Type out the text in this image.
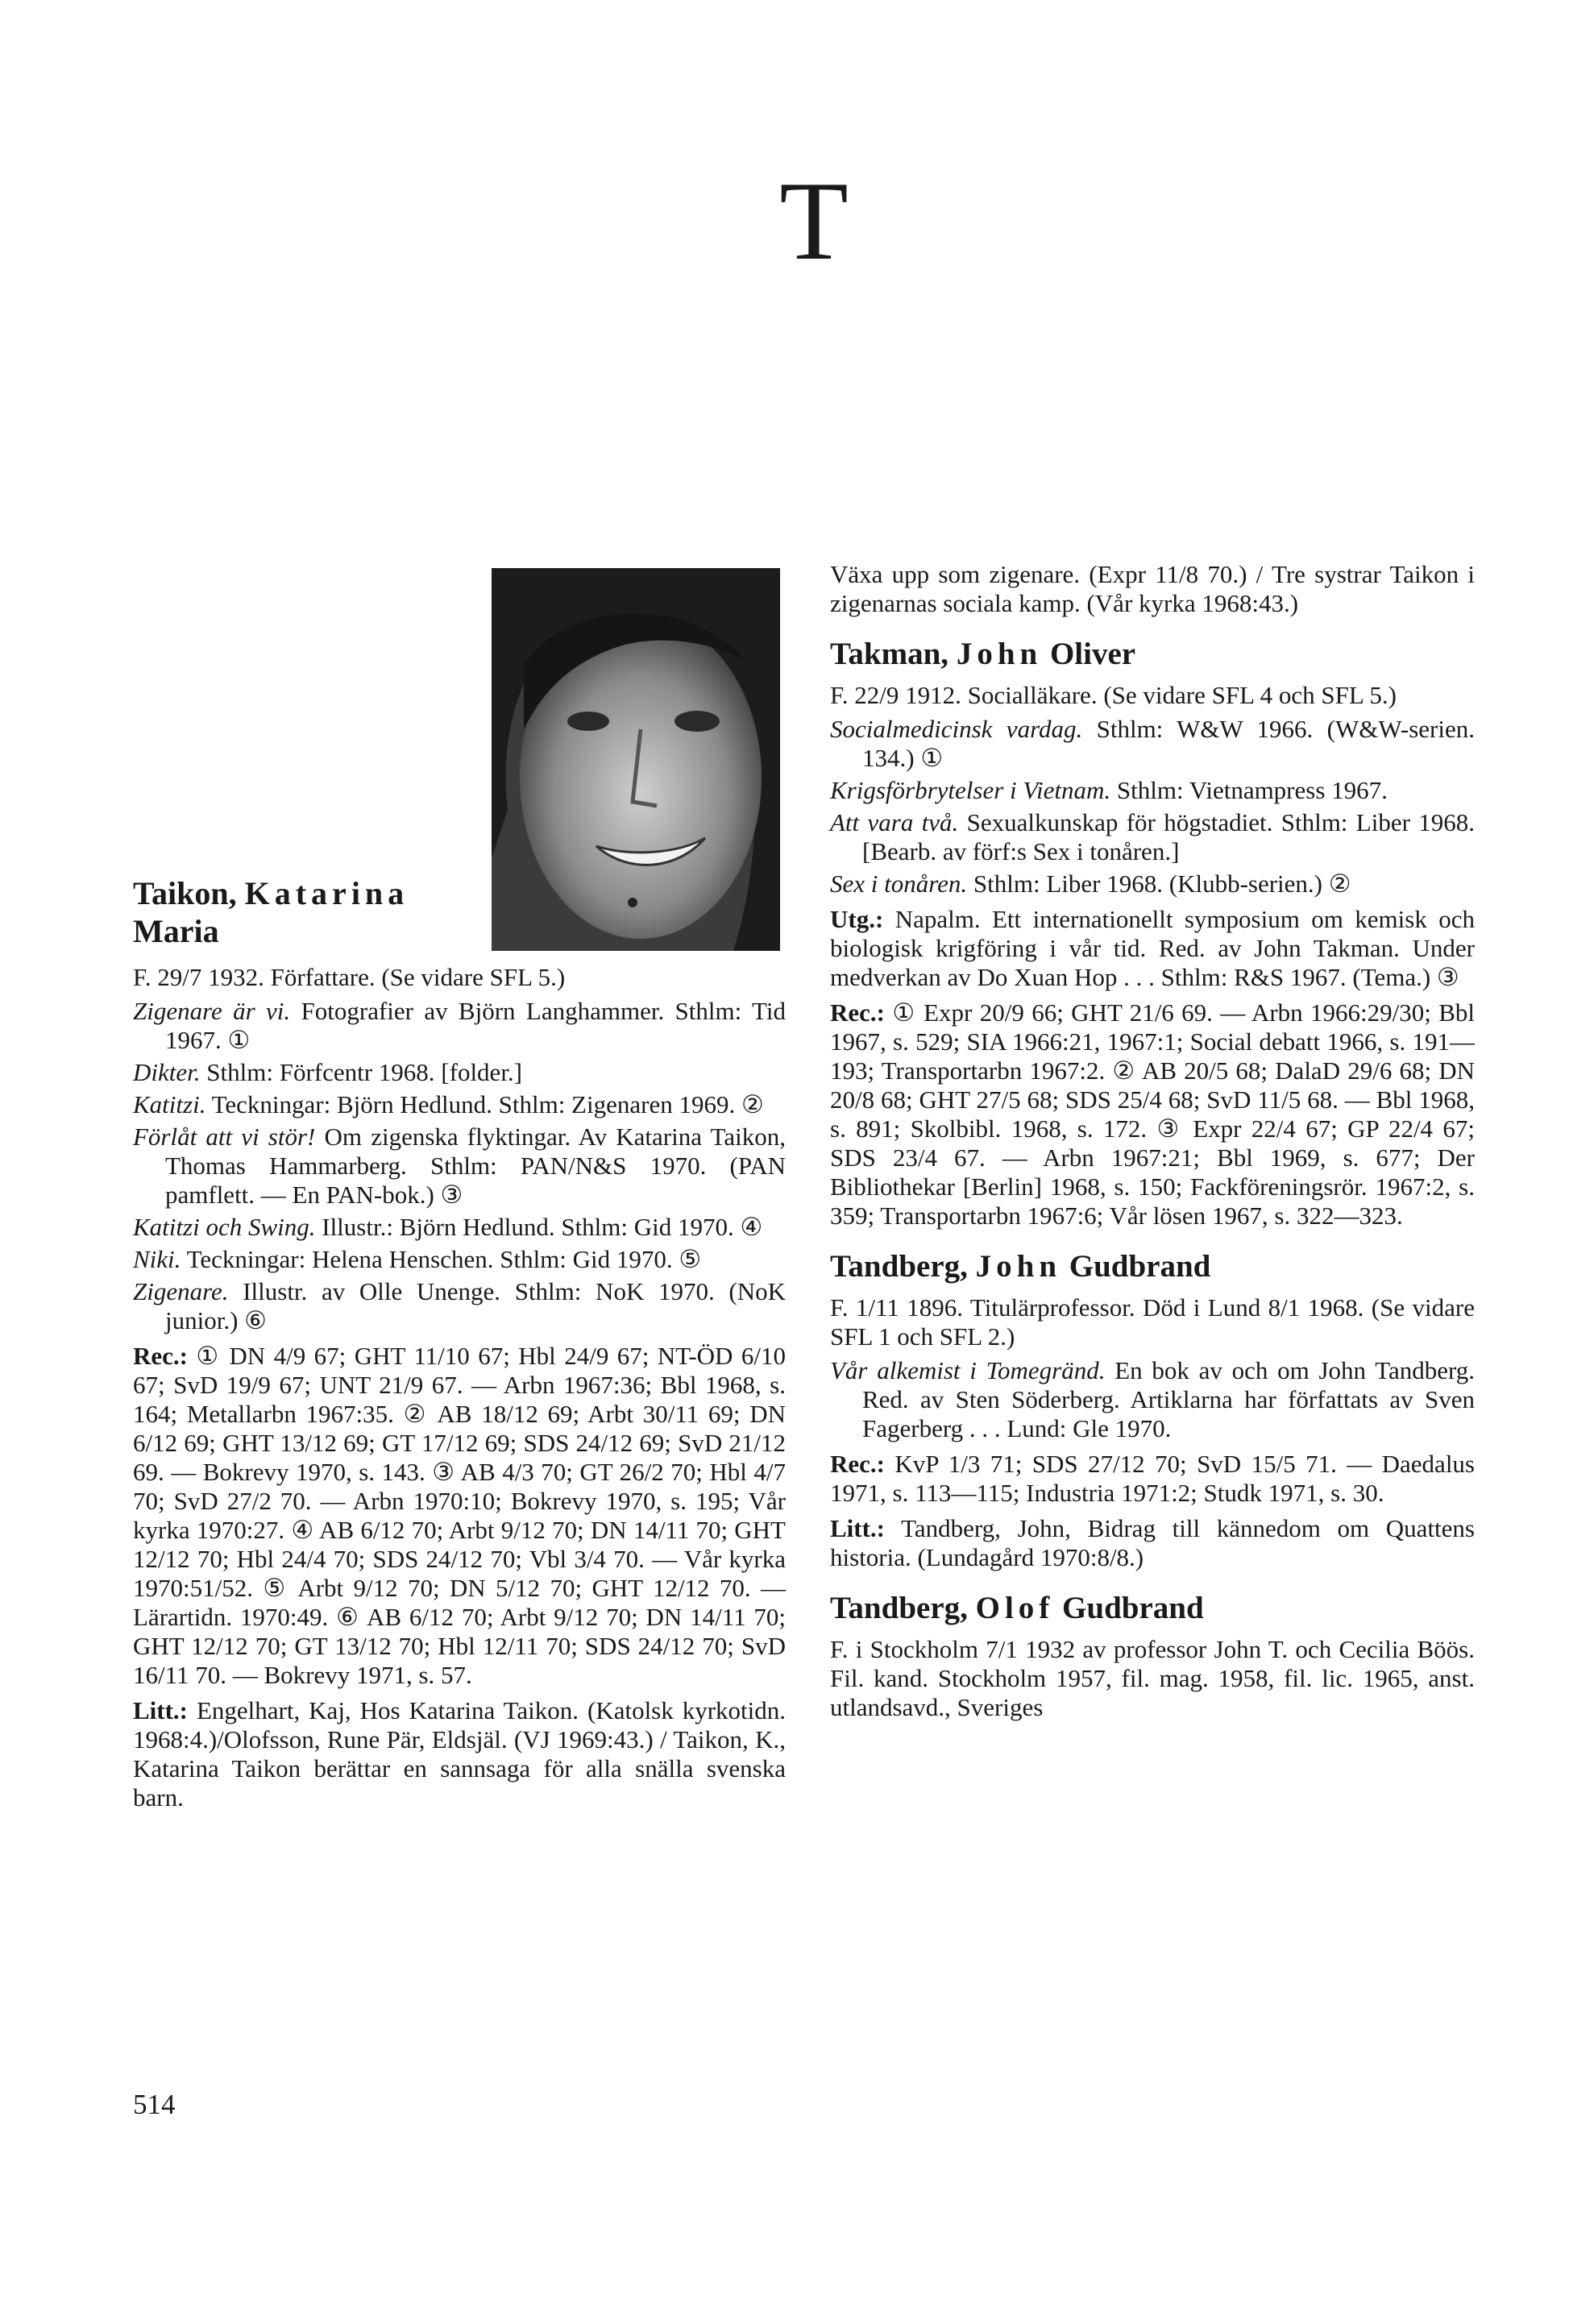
T
Taikon, Katarina
Maria

F. 29/7 1932. Författare. (Se vidare SFL 5.)

Zigenare är vi. Fotografier av Björn Langhammer. Sthlm: Tid 1967. ①
Dikter. Sthlm: Förfcentr 1968. [folder.]
Katitzi. Teckningar: Björn Hedlund. Sthlm: Zigenaren 1969. ②
Förlåt att vi stör! Om zigenska flyktingar. Av Katarina Taikon, Thomas Hammarberg. Sthlm: PAN/N&S 1970. (PAN pamflett. — En PAN-bok.) ③
Katitzi och Swing. Illustr.: Björn Hedlund. Sthlm: Gid 1970. ④
Niki. Teckningar: Helena Henschen. Sthlm: Gid 1970. ⑤
Zigenare. Illustr. av Olle Unenge. Sthlm: NoK 1970. (NoK junior.) ⑥

Rec.: ① DN 4/9 67; GHT 11/10 67; Hbl 24/9 67; NT-ÖD 6/10 67; SvD 19/9 67; UNT 21/9 67. — Arbn 1967:36; Bbl 1968, s. 164; Metallarbn 1967:35. ② AB 18/12 69; Arbt 30/11 69; DN 6/12 69; GHT 13/12 69; GT 17/12 69; SDS 24/12 69; SvD 21/12 69. — Bokrevy 1970, s. 143. ③ AB 4/3 70; GT 26/2 70; Hbl 4/7 70; SvD 27/2 70. — Arbn 1970:10; Bokrevy 1970, s. 195; Vår kyrka 1970:27. ④ AB 6/12 70; Arbt 9/12 70; DN 14/11 70; GHT 12/12 70; Hbl 24/4 70; SDS 24/12 70; Vbl 3/4 70. — Vår kyrka 1970:51/52. ⑤ Arbt 9/12 70; DN 5/12 70; GHT 12/12 70. — Lärartidn. 1970:49. ⑥ AB 6/12 70; Arbt 9/12 70; DN 14/11 70; GHT 12/12 70; GT 13/12 70; Hbl 12/11 70; SDS 24/12 70; SvD 16/11 70. — Bokrevy 1971, s. 57.

Litt.: Engelhart, Kaj, Hos Katarina Taikon. (Katolsk kyrkotidn. 1968:4.)/Olofsson, Rune Pär, Eldsjäl. (VJ 1969:43.) / Taikon, K., Katarina Taikon berättar en sannsaga för alla snälla svenska barn.

Växa upp som zigenare. (Expr 11/8 70.) / Tre systrar Taikon i zigenarnas sociala kamp. (Vår kyrka 1968:43.)

Takman, John Oliver

F. 22/9 1912. Socialläkare. (Se vidare SFL 4 och SFL 5.)

Socialmedicinsk vardag. Sthlm: W&W 1966. (W&W-serien. 134.) ①
Krigsförbrytelser i Vietnam. Sthlm: Vietnampress 1967.
Att vara två. Sexualkunskap för högstadiet. Sthlm: Liber 1968. [Bearb. av förf:s Sex i tonåren.]
Sex i tonåren. Sthlm: Liber 1968. (Klubb-serien.) ②

Utg.: Napalm. Ett internationellt symposium om kemisk och biologisk krigföring i vår tid. Red. av John Takman. Under medverkan av Do Xuan Hop . . . Sthlm: R&S 1967. (Tema.) ③

Rec.: ① Expr 20/9 66; GHT 21/6 69. — Arbn 1966:29/30; Bbl 1967, s. 529; SIA 1966:21, 1967:1; Social debatt 1966, s. 191—193; Transportarbn 1967:2. ② AB 20/5 68; DalaD 29/6 68; DN 20/8 68; GHT 27/5 68; SDS 25/4 68; SvD 11/5 68. — Bbl 1968, s. 891; Skolbibl. 1968, s. 172. ③ Expr 22/4 67; GP 22/4 67; SDS 23/4 67. — Arbn 1967:21; Bbl 1969, s. 677; Der Bibliothekar [Berlin] 1968, s. 150; Fackföreningsrör. 1967:2, s. 359; Transportarbn 1967:6; Vår lösen 1967, s. 322—323.

Tandberg, John Gudbrand

F. 1/11 1896. Titulärprofessor. Död i Lund 8/1 1968. (Se vidare SFL 1 och SFL 2.)

Vår alkemist i Tomegränd. En bok av och om John Tandberg. Red. av Sten Söderberg. Artiklarna har författats av Sven Fagerberg . . . Lund: Gle 1970.

Rec.: KvP 1/3 71; SDS 27/12 70; SvD 15/5 71. — Daedalus 1971, s. 113—115; Industria 1971:2; Studk 1971, s. 30.

Litt.: Tandberg, John, Bidrag till kännedom om Quattens historia. (Lundagård 1970:8/8.)

Tandberg, Olof Gudbrand

F. i Stockholm 7/1 1932 av professor John T. och Cecilia Böös. Fil. kand. Stockholm 1957, fil. mag. 1958, fil. lic. 1965, anst. utlandsavd., Sveriges

514
